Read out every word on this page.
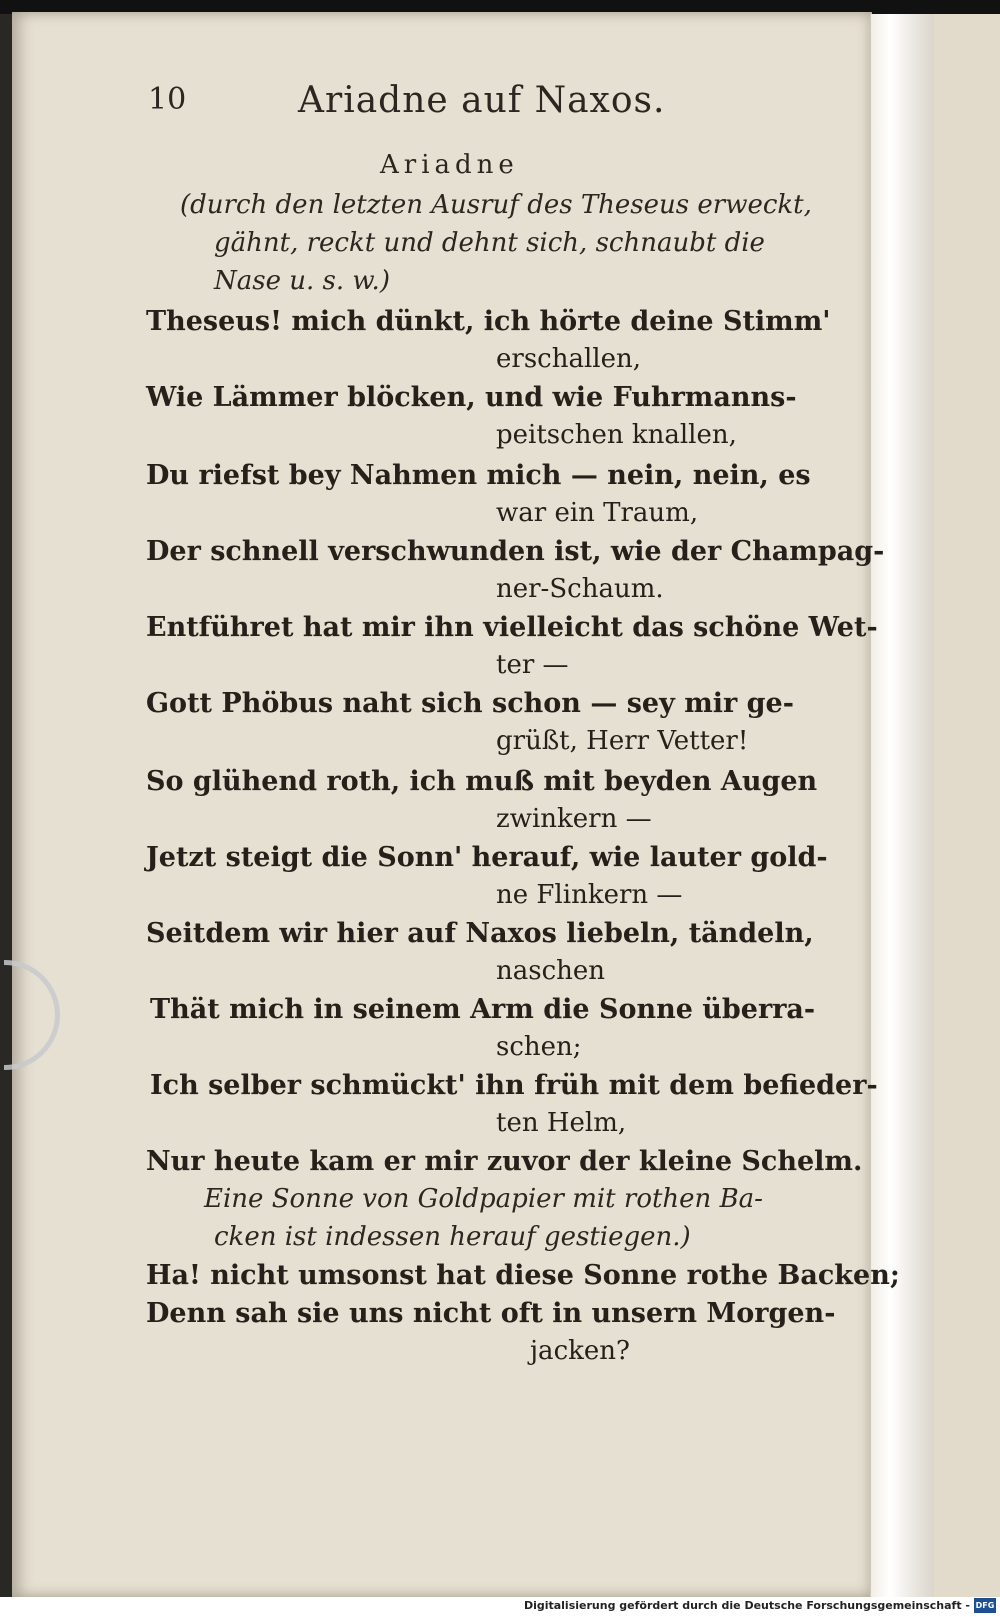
10	Ariadne auf Naxos.
Ariadne
(durch den letzten Ausruf des Theseus erweckt,
gähnt, reckt und dehnt sich, schnaubt die
Nase u. s. w.)
Theseus! mich dünkt, ich hörte deine Stimm'
erschallen,
Wie Lämmer blöcken, und wie Fuhrmanns-
peitschen knallen,
Du riefst bey Nahmen mich — nein, nein, es
war ein Traum,
Der schnell verschwunden ist, wie der Champag-
ner-Schaum.
Entführet hat mir ihn vielleicht das schöne Wet-
ter —
Gott Phöbus naht sich schon — sey mir ge-
grüßt, Herr Vetter!
So glühend roth, ich muß mit beyden Augen
zwinkern —
Jetzt steigt die Sonn' herauf, wie lauter gold-
ne Flinkern —
Seitdem wir hier auf Naxos liebeln, tändeln,
naschen
Thät mich in seinem Arm die Sonne überra-
schen;
Ich selber schmückt' ihn früh mit dem befieder-
ten Helm,
Nur heute kam er mir zuvor der kleine Schelm.
Eine Sonne von Goldpapier mit rothen Ba-
cken ist indessen herauf gestiegen.)
Ha! nicht umsonst hat diese Sonne rothe Backen;
Denn sah sie uns nicht oft in unsern Morgen-
jacken?
Digitalisierung gefördert durch die Deutsche Forschungsgemeinschaft - DFG
